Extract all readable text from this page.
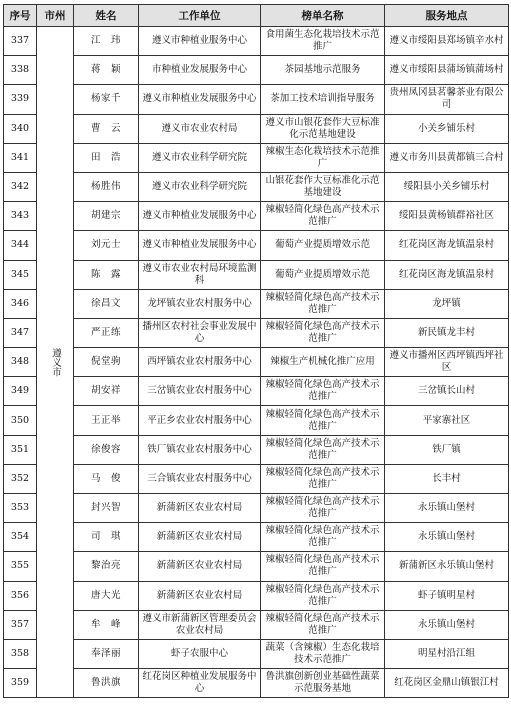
序号	市州	姓名	工作单位	榜单名称	服务地点
337	遵义市	江　玮	遵义市种植业服务中心	食用菌生态化栽培技术示范推广	遵义市绥阳县郑场镇辛水村
338		蒋　颖	市种植业发展服务中心	茶园基地示范服务	遵义市绥阳县蒲场镇蒲场村
339		杨家千	遵义市种植业发展服务中心	茶加工技术培训指导服务	贵州凤冈县茗馨茶业有限公司
340		曹　云	遵义市农业农村局	遵义市山银花套作大豆标准化示范基地建设	小关乡铺乐村
341		田　浩	遵义市农业科学研究院	辣椒生态化栽培技术示范推广	遵义市务川县黄都镇三合村
342		杨胜伟	遵义市农业科学研究院	山银花套作大豆标准化示范基地建设	绥阳县小关乡铺乐村
343		胡建宗	遵义市种植业发展服务中心	辣椒轻简化绿色高产技术示范推广	绥阳县黄杨镇群裕社区
344		刘元士	遵义市种植业发展服务中心	葡萄产业提质增效示范	红花岗区海龙镇温泉村
345		陈　露	遵义市农业农村局环境监测科	葡萄产业提质增效示范	红花岗区海龙镇温泉村
346		徐昌文	龙坪镇农业农村服务中心	辣椒轻简化绿色高产技术示范推广	龙坪镇
347		严正练	播州区农村社会事业发展中心	辣椒轻简化绿色高产技术示范推广	新民镇龙丰村
348		倪堂驹	西坪镇农业农村服务中心	辣椒生产机械化推广应用	遵义市播州区西坪镇西坪社区
349		胡安祥	三岔镇农业农村服务中心	辣椒轻简化绿色高产技术示范推广	三岔镇长山村
350		王正举	平正乡农业农村服务中心	辣椒轻简化绿色高产技术示范推广	平家寨社区
351		徐俊容	铁厂镇农业农村服务中心	辣椒轻简化绿色高产技术示范推广	铁厂镇
352		马　俊	三合镇农业农村服务中心	辣椒轻简化绿色高产技术示范推广	长丰村
353		封兴智	新蒲新区农业农村局	辣椒轻简化绿色高产技术示范推广	永乐镇山堡村
354		司　琪	新蒲新区农业农村局	辣椒轻简化绿色高产技术示范推广	永乐镇山堡村
355		黎治亮	新蒲新区农业农村局	辣椒轻简化绿色高产技术示范推广	新蒲新区永乐镇山堡村
356		唐大光	新蒲新区农业农村局	辣椒轻简化绿色高产技术示范推广	虾子镇明星村
357		牟　峰	遵义市新蒲新区管理委员会农业农村局	辣椒轻简化绿色高产技术示范推广	永乐镇山堡村
358		奉泽丽	虾子农服中心	蔬菜（含辣椒）生态化栽培技术示范推广	明星村沿江组
359		鲁洪旗	红花岗区种植业发展服务中心	鲁洪旗创新创业基础性蔬菜示范服务基地	红花岗区金鼎山镇银江村
